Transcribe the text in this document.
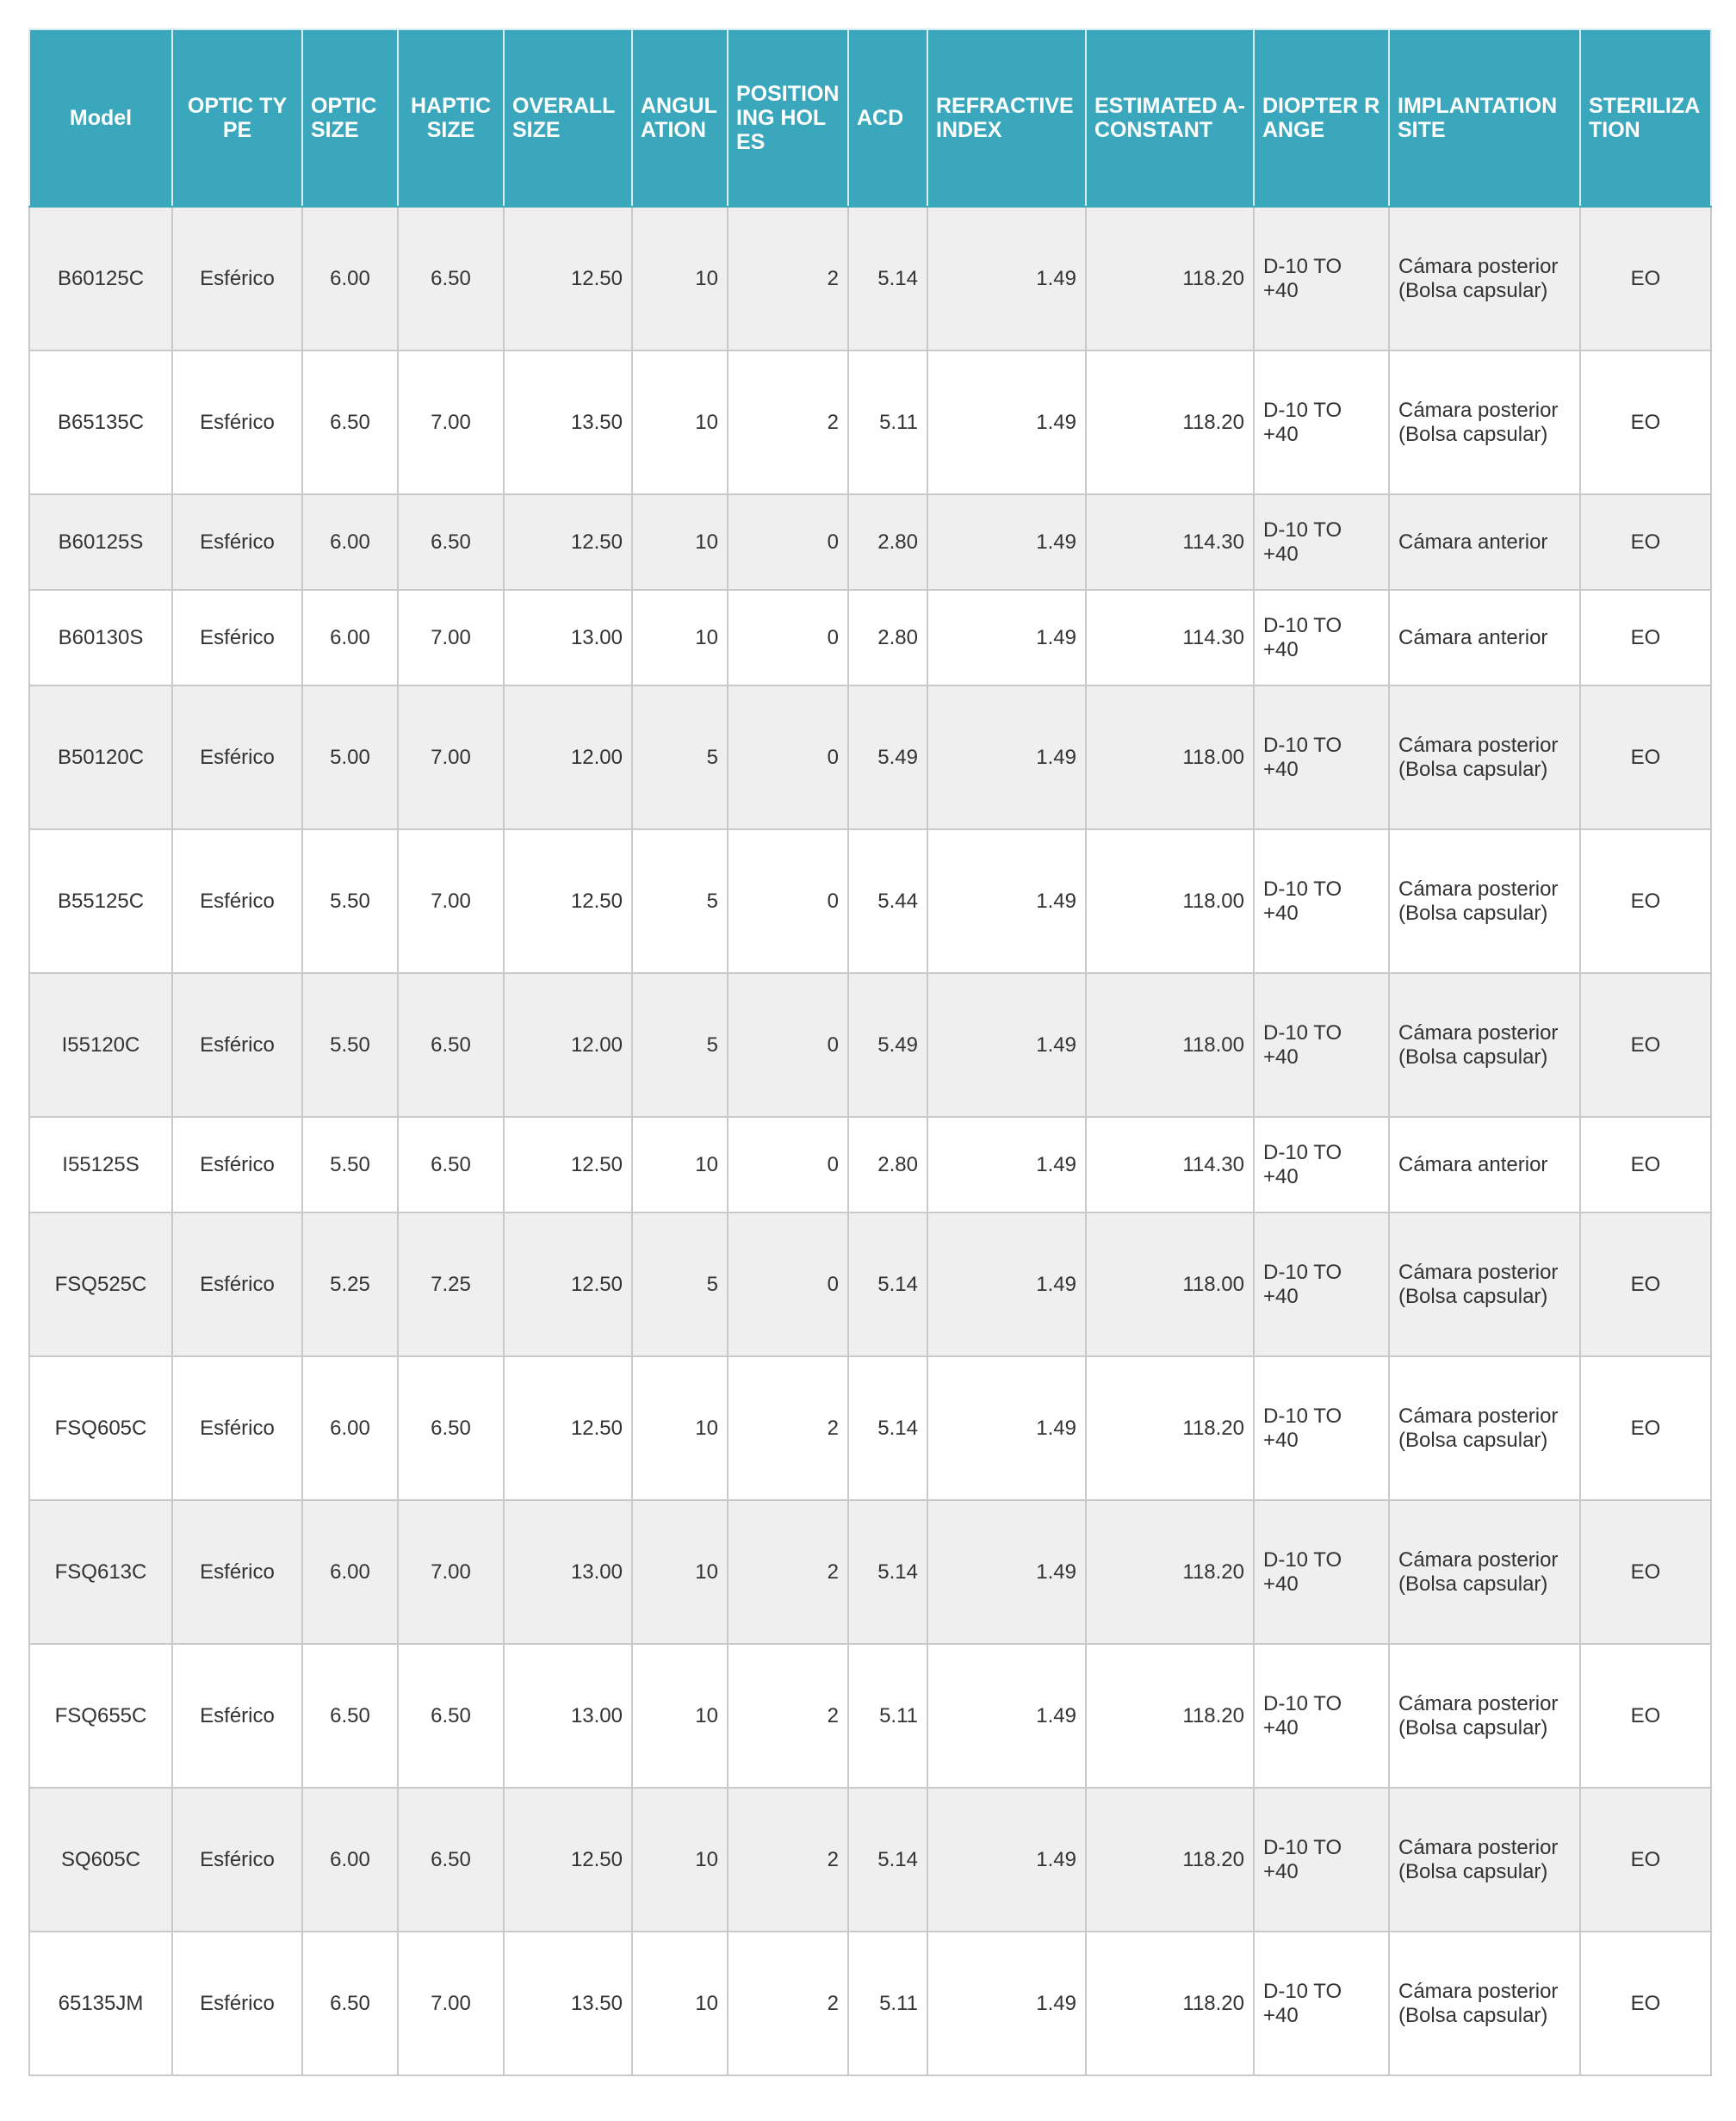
Model	OPTIC TYPE	OPTIC SIZE	HAPTIC SIZE	OVERALL SIZE	ANGUL ATION	POSITION ING HOLES	ACD	REFRACTIVE INDEX	ESTIMATED A-CONSTANT	DIOPTER RANGE	IMPLANTATION SITE	STERILIZA TION
B60125C	Esférico	6.00	6.50	12.50	10	2	5.14	1.49	118.20	D-10 TO +40	Cámara posterior (Bolsa capsular)	EO
B65135C	Esférico	6.50	7.00	13.50	10	2	5.11	1.49	118.20	D-10 TO +40	Cámara posterior (Bolsa capsular)	EO
B60125S	Esférico	6.00	6.50	12.50	10	0	2.80	1.49	114.30	D-10 TO +40	Cámara anterior	EO
B60130S	Esférico	6.00	7.00	13.00	10	0	2.80	1.49	114.30	D-10 TO +40	Cámara anterior	EO
B50120C	Esférico	5.00	7.00	12.00	5	0	5.49	1.49	118.00	D-10 TO +40	Cámara posterior (Bolsa capsular)	EO
B55125C	Esférico	5.50	7.00	12.50	5	0	5.44	1.49	118.00	D-10 TO +40	Cámara posterior (Bolsa capsular)	EO
I55120C	Esférico	5.50	6.50	12.00	5	0	5.49	1.49	118.00	D-10 TO +40	Cámara posterior (Bolsa capsular)	EO
I55125S	Esférico	5.50	6.50	12.50	10	0	2.80	1.49	114.30	D-10 TO +40	Cámara anterior	EO
FSQ525C	Esférico	5.25	7.25	12.50	5	0	5.14	1.49	118.00	D-10 TO +40	Cámara posterior (Bolsa capsular)	EO
FSQ605C	Esférico	6.00	6.50	12.50	10	2	5.14	1.49	118.20	D-10 TO +40	Cámara posterior (Bolsa capsular)	EO
FSQ613C	Esférico	6.00	7.00	13.00	10	2	5.14	1.49	118.20	D-10 TO +40	Cámara posterior (Bolsa capsular)	EO
FSQ655C	Esférico	6.50	6.50	13.00	10	2	5.11	1.49	118.20	D-10 TO +40	Cámara posterior (Bolsa capsular)	EO
SQ605C	Esférico	6.00	6.50	12.50	10	2	5.14	1.49	118.20	D-10 TO +40	Cámara posterior (Bolsa capsular)	EO
65135JM	Esférico	6.50	7.00	13.50	10	2	5.11	1.49	118.20	D-10 TO +40	Cámara posterior (Bolsa capsular)	EO
